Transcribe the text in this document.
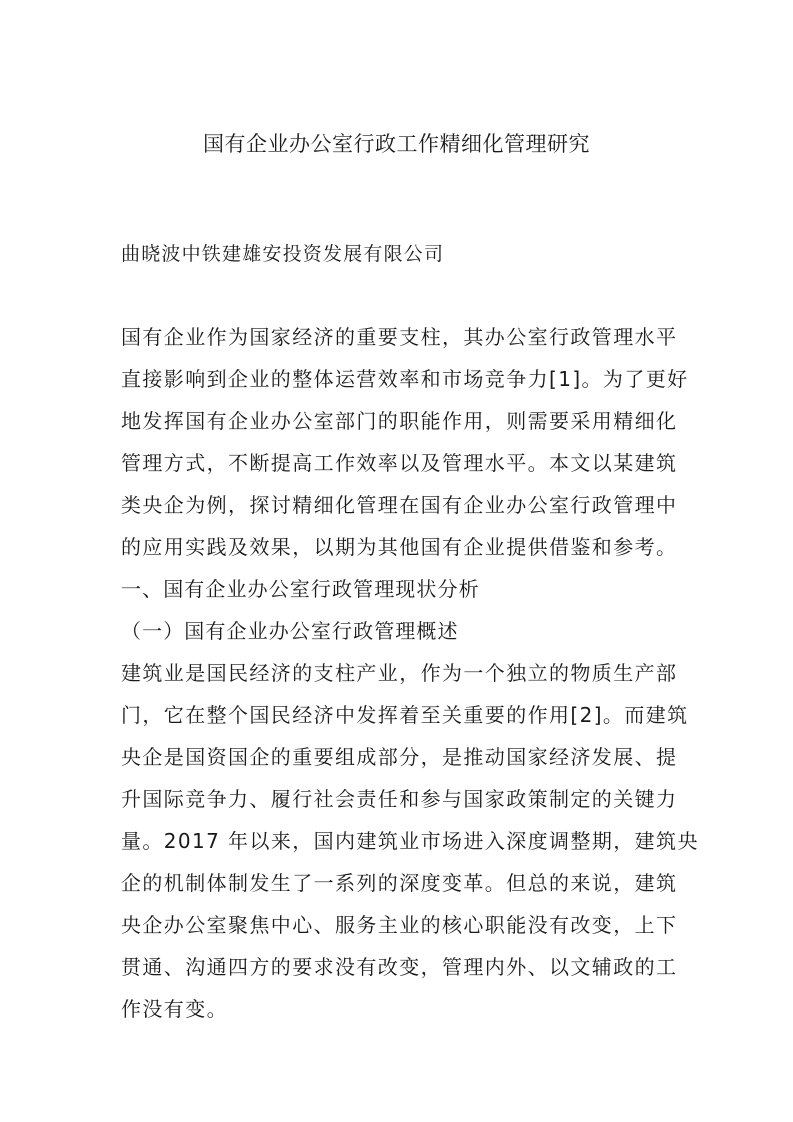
国有企业办公室行政工作精细化管理研究

曲晓波中铁建雄安投资发展有限公司

国有企业作为国家经济的重要支柱，其办公室行政管理水平
直接影响到企业的整体运营效率和市场竞争力[1]。为了更好
地发挥国有企业办公室部门的职能作用，则需要采用精细化
管理方式，不断提高工作效率以及管理水平。本文以某建筑
类央企为例，探讨精细化管理在国有企业办公室行政管理中
的应用实践及效果，以期为其他国有企业提供借鉴和参考。
一、国有企业办公室行政管理现状分析
（一）国有企业办公室行政管理概述
建筑业是国民经济的支柱产业，作为一个独立的物质生产部
门，它在整个国民经济中发挥着至关重要的作用[2]。而建筑
央企是国资国企的重要组成部分，是推动国家经济发展、提
升国际竞争力、履行社会责任和参与国家政策制定的关键力
量。2017 年以来，国内建筑业市场进入深度调整期，建筑央
企的机制体制发生了一系列的深度变革。但总的来说，建筑
央企办公室聚焦中心、服务主业的核心职能没有改变，上下
贯通、沟通四方的要求没有改变，管理内外、以文辅政的工
作没有变。
